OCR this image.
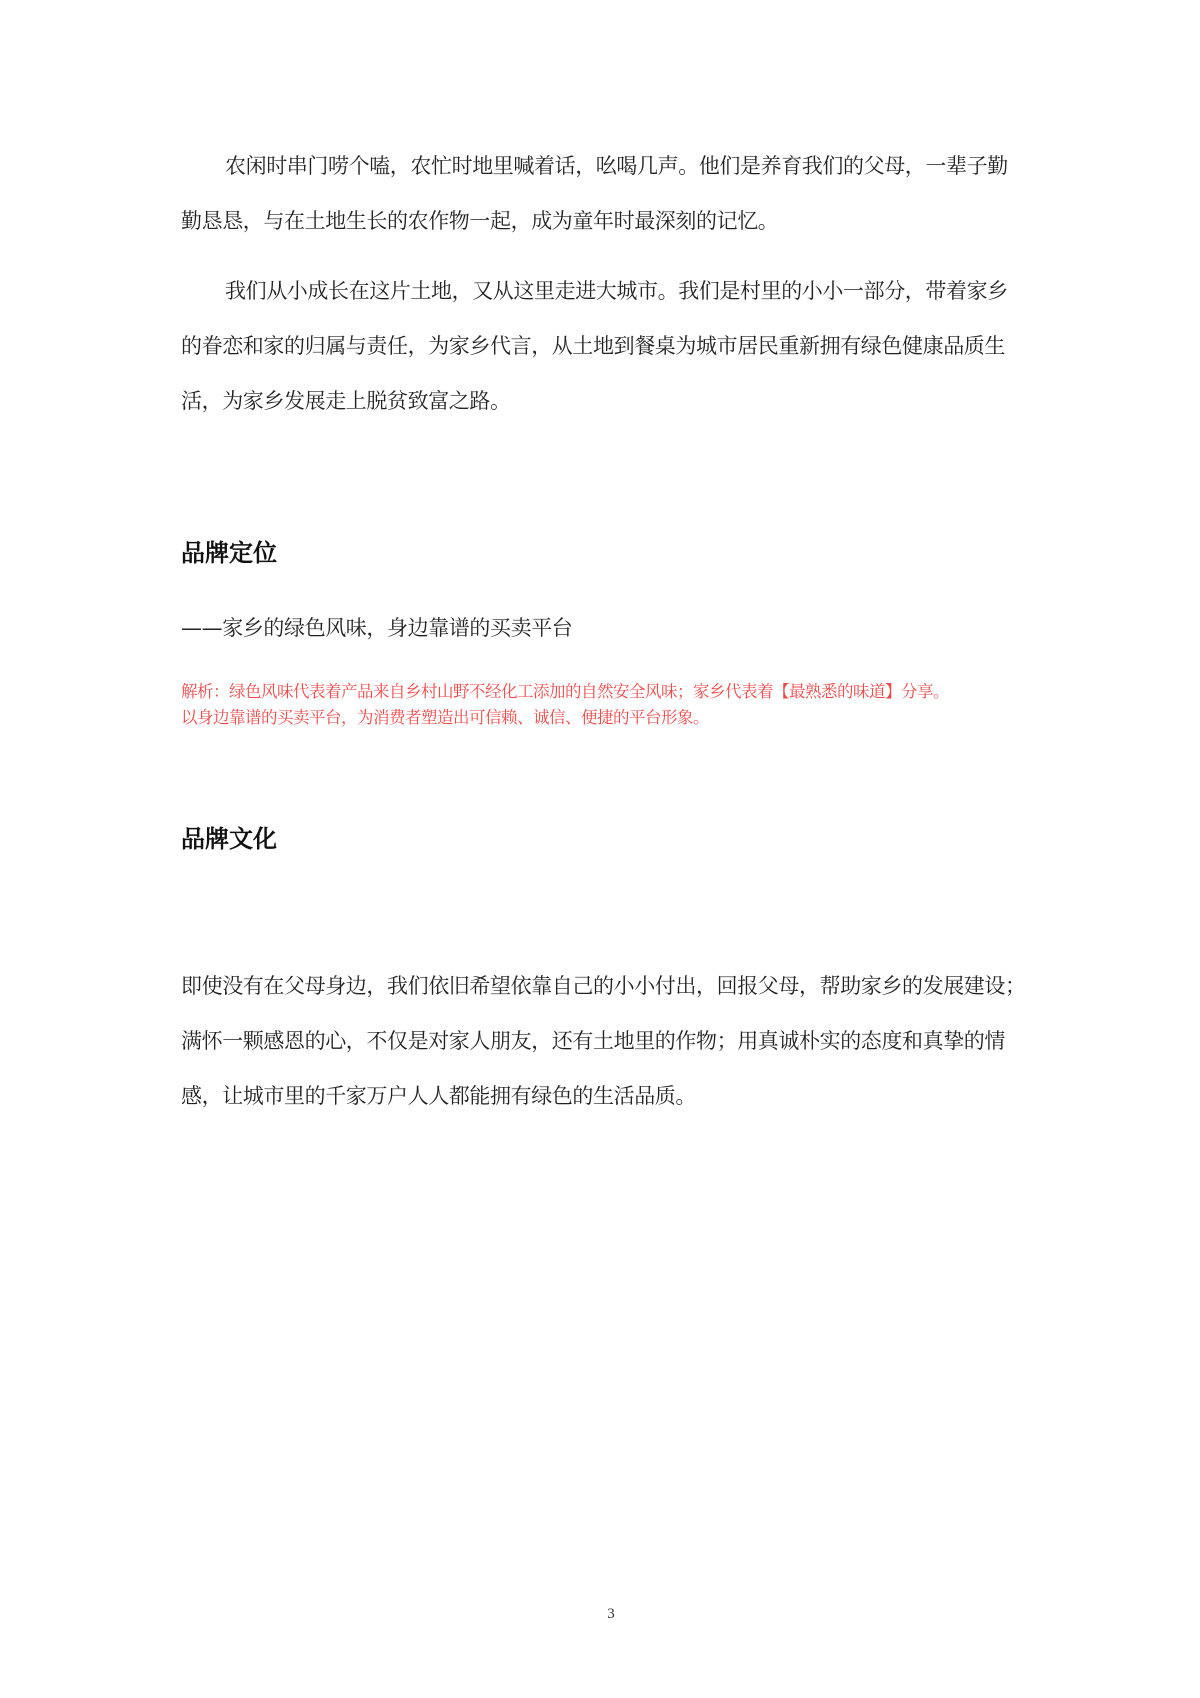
农闲时串门唠个嗑，农忙时地里喊着话，吆喝几声。他们是养育我们的父母，一辈子勤
勤恳恳，与在土地生长的农作物一起，成为童年时最深刻的记忆。
我们从小成长在这片土地，又从这里走进大城市。我们是村里的小小一部分，带着家乡
的眷恋和家的归属与责任，为家乡代言，从土地到餐桌为城市居民重新拥有绿色健康品质生
活，为家乡发展走上脱贫致富之路。
品牌定位
——家乡的绿色风味，身边靠谱的买卖平台
解析：绿色风味代表着产品来自乡村山野不经化工添加的自然安全风味；家乡代表着【最熟悉的味道】分享。
以身边靠谱的买卖平台，为消费者塑造出可信赖、诚信、便捷的平台形象。
品牌文化
即使没有在父母身边，我们依旧希望依靠自己的小小付出，回报父母，帮助家乡的发展建设；
满怀一颗感恩的心，不仅是对家人朋友，还有土地里的作物；用真诚朴实的态度和真挚的情
感，让城市里的千家万户人人都能拥有绿色的生活品质。
3
